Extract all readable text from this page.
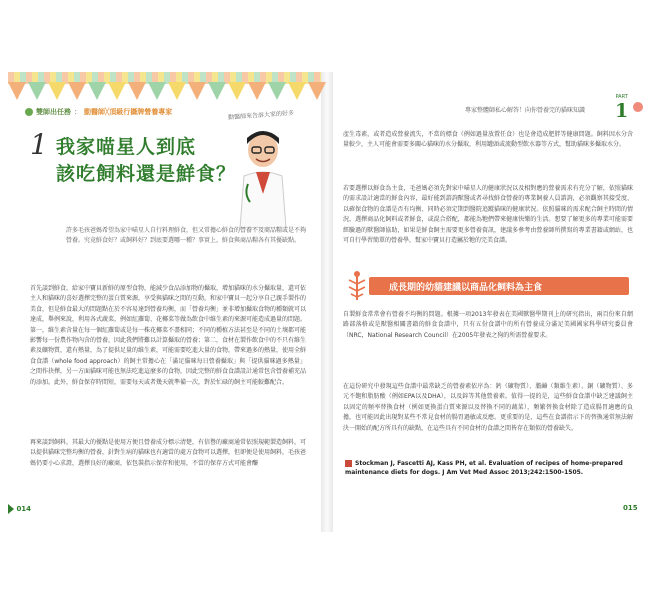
雙師出任務 ： 動醫師╳頂級行攝牌營養專家	動醫師來告訴大家的好多
1 我家喵星人到底
該吃飼料還是鮮食？
許多毛孩爸媽希望為家中喵星人自行料理鮮食，但又常擔心鮮食的營養不及商品糧或是不夠營養。究竟鮮食好？或飼料好？到底要選哪一種？事實上，鮮食與商品糧各有其優缺點。
首先談到鮮食，給家中寶貝新鮮的原型食物，能減少食品添加物的攝取，增加貓咪的水分攝取量，還可依主人和貓咪的喜好選擇完整的蛋白質來源，享受與貓咪之間的互動，和家中寶貝一起分享自己親手製作的美食，但是鮮食最大的問題點在於不容易達到營養均衡，而「營養均衡」並非增加攝取食物的種類就可以達成，舉例來說，利用各式蔬菜，例如紅蘿蔔、花椰菜等做為飲食中維生素的來源可能造成過量的問題。第一，維生素含量在每一個紅蘿蔔或是每一株花椰菜不盡相同；不同的種植方法甚至是不同的土壤都可能影響每一份農作物內含的營養，因此我們將難以計算攝取的營養；第二，食材在製作飲食中的不只有維生素及礦物質，還有熱量，為了提供足量的維生素，可能需要吃進大量的食物，帶來過多的熱量，使用全鮮食食譜（whole food approach）的飼主常擔心在「滿足貓咪每日營養攝取」與「提供貓咪過多熱量」之間作抉擇，另一方面貓咪可能也無法吃進這麼多的食物，因此完整的鮮食食譜設計通常包含營養補充品的添加。此外，鮮食保存時間短，需要每天或者幾天就準備一次，對於忙碌的飼主可能較難配合。
再來談到飼料，其最大的優點是使用方便且營養成分標示清楚，有信譽的廠商通常依照規範製造飼料，可以提供貓咪完整均衡的營養，針對生病的貓咪也有適當的處方食物可以選擇，但卻便是使用飼料，毛孩爸媽仍要小心求證，選擇良好的廠商，依包裝指示保存和使用，不當的保存方式可能會釀
014
專家整體師私心解答！向你營養完的貓咪知識
PART
1
產生毒素，或者造成營養流失，不當的標食（例如過量放置任食）也是會造成肥胖等健康問題。飼料因水分含量較少，主人可能會需要多關心貓咪的水分攝取，利用罐頭或流動型飲水器等方式，幫助貓咪多攝取水分。
若要選擇以鮮食為主食，毛爸媽必須先對家中喵星人的健康狀況以及相對應的營養需求有充分了解，依照貓咪的需求設計適當的鮮食內容，最好能到諮詢獸醫或者尋找鮮食營養的專業飼養人員諮詢，必須觀察其接受度、以確保食物的食譜是否有均衡、同時必須定期到醫院追蹤貓咪的健康狀況。依照貓咪的需求配合飼主時間的情況，選擇商品化飼料或者鮮食，或混合搭配，都能為牠們帶來健康快樂的生活。想要了解更多的專業可能需要經驗過的獸醫師協助，如果是鮮食飼主需要更多營養資訊，建議多參考由營養師所撰寫的專業書籍或網站，也可自行學習簡單的營養學，幫家中寶貝打造屬於牠的完美食譜。
成長期的幼貓建議以商品化飼料為主食
自製鮮食常常會有營養不均衡的問題。根據一項2013年發表在美國獸醫學期刊上的研究指出，兩百份來自網路部落格或是獸醫相關書籍的鮮食食譜中，只有五份食譜中的所有營養成分滿足美國國家科學研究委員會（NRC，National Research Council）在2005年發表之狗的所需營養要求。
在這份研究中發現這些食譜中最常缺乏的營養素依序為：鈣（礦物質）、膽鹼（類維生素）、銅（礦物質）、多元不飽和脂肪酸（例如EPA以及DHA），以及鋅等其他營養素。值得一提的是，這些鮮食食譜中缺乏建議飼主以固定的頻率替換食材（例如更換蛋白質來源以及替換不同的蔬菜），頻繁替換食材除了造成腸胃適應的負擔，也可能因此出現對某些不常見食材的腸胃過敏或反應。更重要的是，這些在食譜指示下的替換通常無法解決一開始的配方所具有的缺點，在這些具有不同食材的食譜之間皆存在類似的營養缺失。
Stockman J, Fascetti AJ, Kass PH, et al. Evaluation of recipes of home-prepared maintenance diets for dogs. J Am Vet Med Assoc 2013;242:1500-1505.
015
